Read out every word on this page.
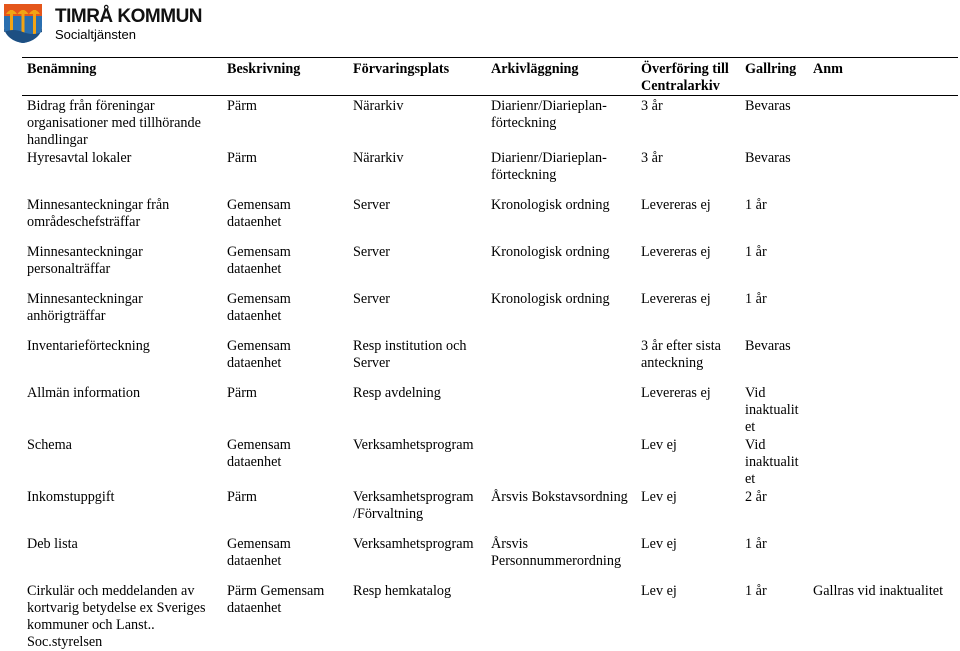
TIMRÅ KOMMUN
Socialtjänsten
Benämning	Beskrivning	Förvaringsplats	Arkivläggning	Överföring till Centralarkiv	Gallring	Anm
Bidrag från föreningar organisationer med tillhörande handlingar	Pärm	Närarkiv	Diarienr/Diarieplan-förteckning	3 år	Bevaras	
Hyresavtal lokaler	Pärm	Närarkiv	Diarienr/Diarieplan-förteckning	3 år	Bevaras	
Minnesanteckningar från områdeschefsträffar	Gemensam dataenhet	Server	Kronologisk ordning	Levereras ej	1 år	
Minnesanteckningar personalträffar	Gemensam dataenhet	Server	Kronologisk ordning	Levereras ej	1 år	
Minnesanteckningar anhörigträffar	Gemensam dataenhet	Server	Kronologisk ordning	Levereras ej	1 år	
Inventarieförteckning	Gemensam dataenhet	Resp institution och Server		3 år efter sista anteckning	Bevaras	
Allmän information	Pärm	Resp avdelning		Levereras ej	Vid inaktualit et	
Schema	Gemensam dataenhet	Verksamhetsprogram		Lev ej	Vid inaktualit et	
Inkomstuppgift	Pärm	Verksamhetsprogram /Förvaltning	Årsvis Bokstavsordning	Lev ej	2 år	
Deb lista	Gemensam dataenhet	Verksamhetsprogram	Årsvis Personnummerordning	Lev ej	1 år	
Cirkulär och meddelanden av kortvarig betydelse ex Sveriges kommuner och Lanst.. Soc.styrelsen	Pärm Gemensam dataenhet	Resp hemkatalog		Lev ej	1 år	Gallras vid inaktualitet
